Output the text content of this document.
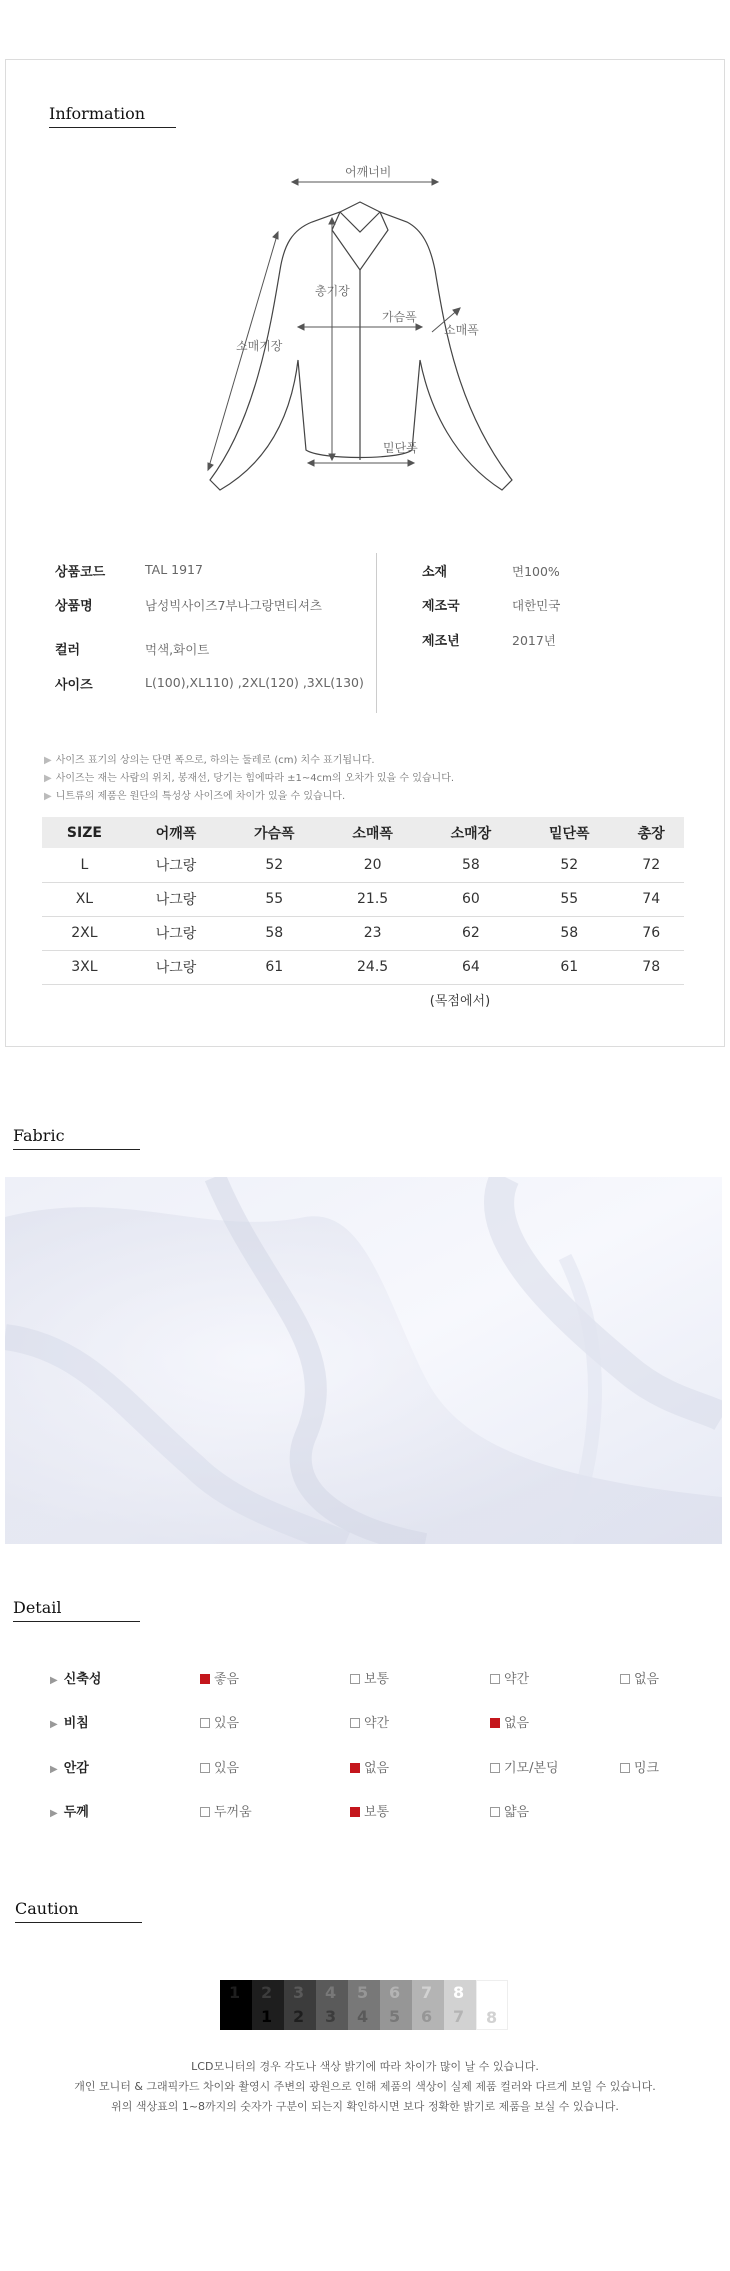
Information
어깨너비
총기장
가슴폭
소매폭
소매기장
밑단폭
상품코드	TAL 1917
상품명	남성빅사이즈7부나그랑면티셔츠
컬러	먹색,화이트
사이즈	L(100),XL110) ,2XL(120) ,3XL(130)
소재	면100%
제조국	대한민국
제조년	2017년
▶ 사이즈 표기의 상의는 단면 폭으로, 하의는 둘레로 (cm) 치수 표기됩니다.
▶ 사이즈는 재는 사람의 위치, 봉재선, 당기는 힘에따라 ±1~4cm의 오차가 있을 수 있습니다.
▶ 니트류의 제품은 원단의 특성상 사이즈에 차이가 있을 수 있습니다.
SIZE	어깨폭	가슴폭	소매폭	소매장	밑단폭	총장
L	나그랑	52	20	58	52	72
XL	나그랑	55	21.5	60	55	74
2XL	나그랑	58	23	62	58	76
3XL	나그랑	61	24.5	64	61	78
(목점에서)
Fabric
Detail
▶ 신축성	좋음	보통	약간	없음
▶ 비침	있음	약간	없음
▶ 안감	있음	없음	기모/본딩	밍크
▶ 두께	두꺼움	보통	얇음
Caution
1 2
1
3
2
4
3
5
4
6
5
7
6
8
7 8
LCD모니터의 경우 각도나 색상 밝기에 따라 차이가 많이 날 수 있습니다.
개인 모니터 & 그래픽카드 차이와 촬영시 주변의 광원으로 인해 제품의 색상이 실제 제품 컬러와 다르게 보일 수 있습니다.
위의 색상표의 1~8까지의 숫자가 구분이 되는지 확인하시면 보다 정확한 밝기로 제품을 보실 수 있습니다.
